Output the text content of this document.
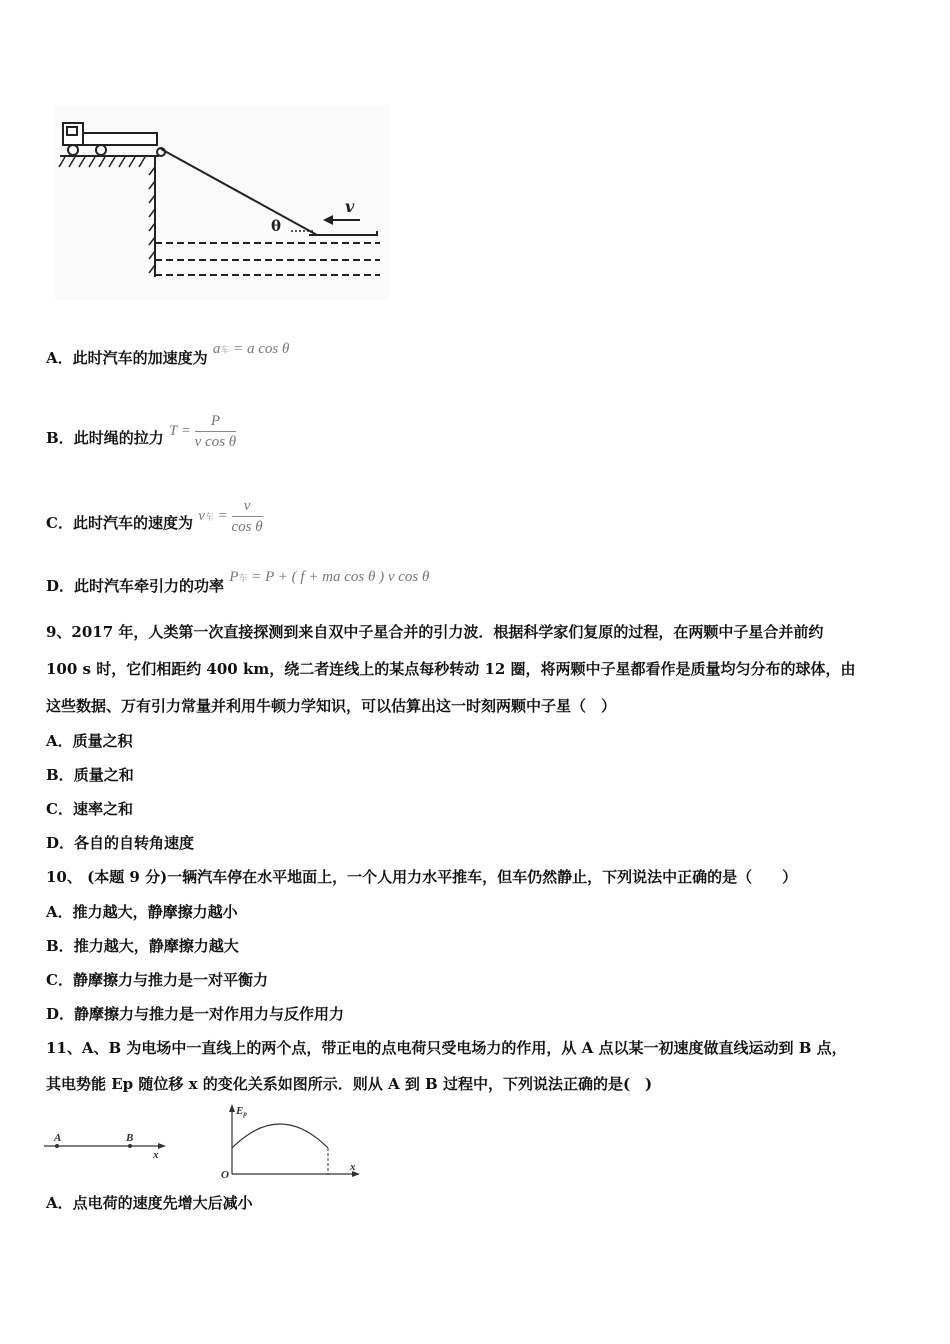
θ
v
A．此时汽车的加速度为 a车 = a cos θ
B．此时绳的拉力 $T = \frac{P}{\text{v cos θ}}$
C．此时汽车的速度为 v车 = $\frac{v}{\text{cos θ}}$
D．此时汽车牵引力的功率 P车 = P + ( f + ma cos θ ) v cos θ
9、2017 年，人类第一次直接探测到来自双中子星合并的引力波．根据科学家们复原的过程，在两颗中子星合并前约
100 s 时，它们相距约 400 km，绕二者连线上的某点每秒转动 12 圈，将两颗中子星都看作是质量均匀分布的球体，由
这些数据、万有引力常量并利用牛顿力学知识，可以估算出这一时刻两颗中子星（　）
A．质量之积
B．质量之和
C．速率之和
D．各自的自转角速度
10、 (本题 9 分)一辆汽车停在水平地面上，一个人用力水平推车，但车仍然静止，下列说法中正确的是（　　）
A．推力越大，静摩擦力越小
B．推力越大，静摩擦力越大
C．静摩擦力与推力是一对平衡力
D．静摩擦力与推力是一对作用力与反作用力
11、A、B 为电场中一直线上的两个点，带正电的点电荷只受电场力的作用，从 A 点以某一初速度做直线运动到 B 点，
其电势能 Ep 随位移 x 的变化关系如图所示．则从 A 到 B 过程中，下列说法正确的是(　)
A	B
x
Ep
O
x
A．点电荷的速度先增大后减小
